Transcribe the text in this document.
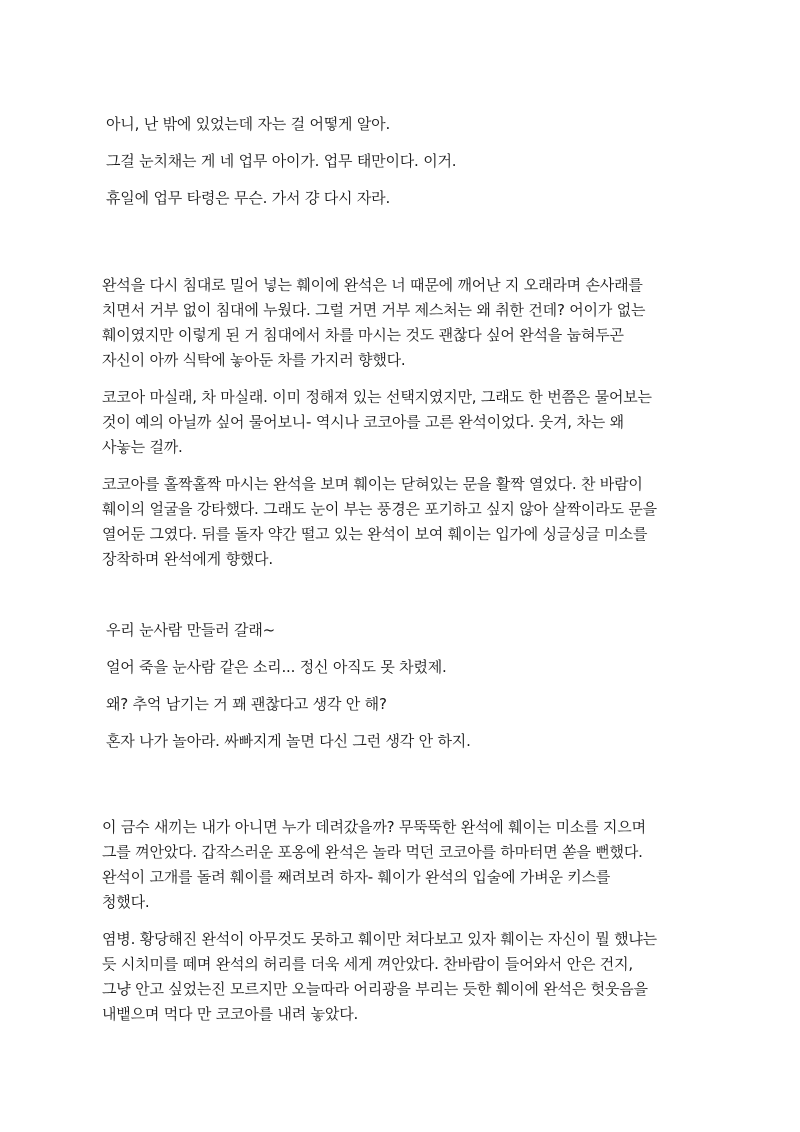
아니, 난 밖에 있었는데 자는 걸 어떻게 알아.

그걸 눈치채는 게 네 업무 아이가. 업무 태만이다. 이거.

휴일에 업무 타령은 무슨. 가서 걍 다시 자라.

완석을 다시 침대로 밀어 넣는 훼이에 완석은 너 때문에 깨어난 지 오래라며 손사래를
치면서 거부 없이 침대에 누웠다. 그럴 거면 거부 제스처는 왜 취한 건데? 어이가 없는
훼이였지만 이렇게 된 거 침대에서 차를 마시는 것도 괜찮다 싶어 완석을 눕혀두곤
자신이 아까 식탁에 놓아둔 차를 가지러 향했다.

코코아 마실래, 차 마실래. 이미 정해져 있는 선택지였지만, 그래도 한 번쯤은 물어보는
것이 예의 아닐까 싶어 물어보니- 역시나 코코아를 고른 완석이었다. 웃겨, 차는 왜
사놓는 걸까.

코코아를 홀짝홀짝 마시는 완석을 보며 훼이는 닫혀있는 문을 활짝 열었다. 찬 바람이
훼이의 얼굴을 강타했다. 그래도 눈이 부는 풍경은 포기하고 싶지 않아 살짝이라도 문을
열어둔 그였다. 뒤를 돌자 약간 떨고 있는 완석이 보여 훼이는 입가에 싱글싱글 미소를
장착하며 완석에게 향했다.

우리 눈사람 만들러 갈래~

얼어 죽을 눈사람 같은 소리... 정신 아직도 못 차렸제.

왜? 추억 남기는 거 꽤 괜찮다고 생각 안 해?

혼자 나가 놀아라. 싸빠지게 놀면 다신 그런 생각 안 하지.

이 금수 새끼는 내가 아니면 누가 데려갔을까? 무뚝뚝한 완석에 훼이는 미소를 지으며
그를 껴안았다. 갑작스러운 포옹에 완석은 놀라 먹던 코코아를 하마터면 쏟을 뻔했다.
완석이 고개를 돌려 훼이를 째려보려 하자- 훼이가 완석의 입술에 가벼운 키스를
청했다.

염병. 황당해진 완석이 아무것도 못하고 훼이만 쳐다보고 있자 훼이는 자신이 뭘 했냐는
듯 시치미를 떼며 완석의 허리를 더욱 세게 껴안았다. 찬바람이 들어와서 안은 건지,
그냥 안고 싶었는진 모르지만 오늘따라 어리광을 부리는 듯한 훼이에 완석은 헛웃음을
내뱉으며 먹다 만 코코아를 내려 놓았다.
